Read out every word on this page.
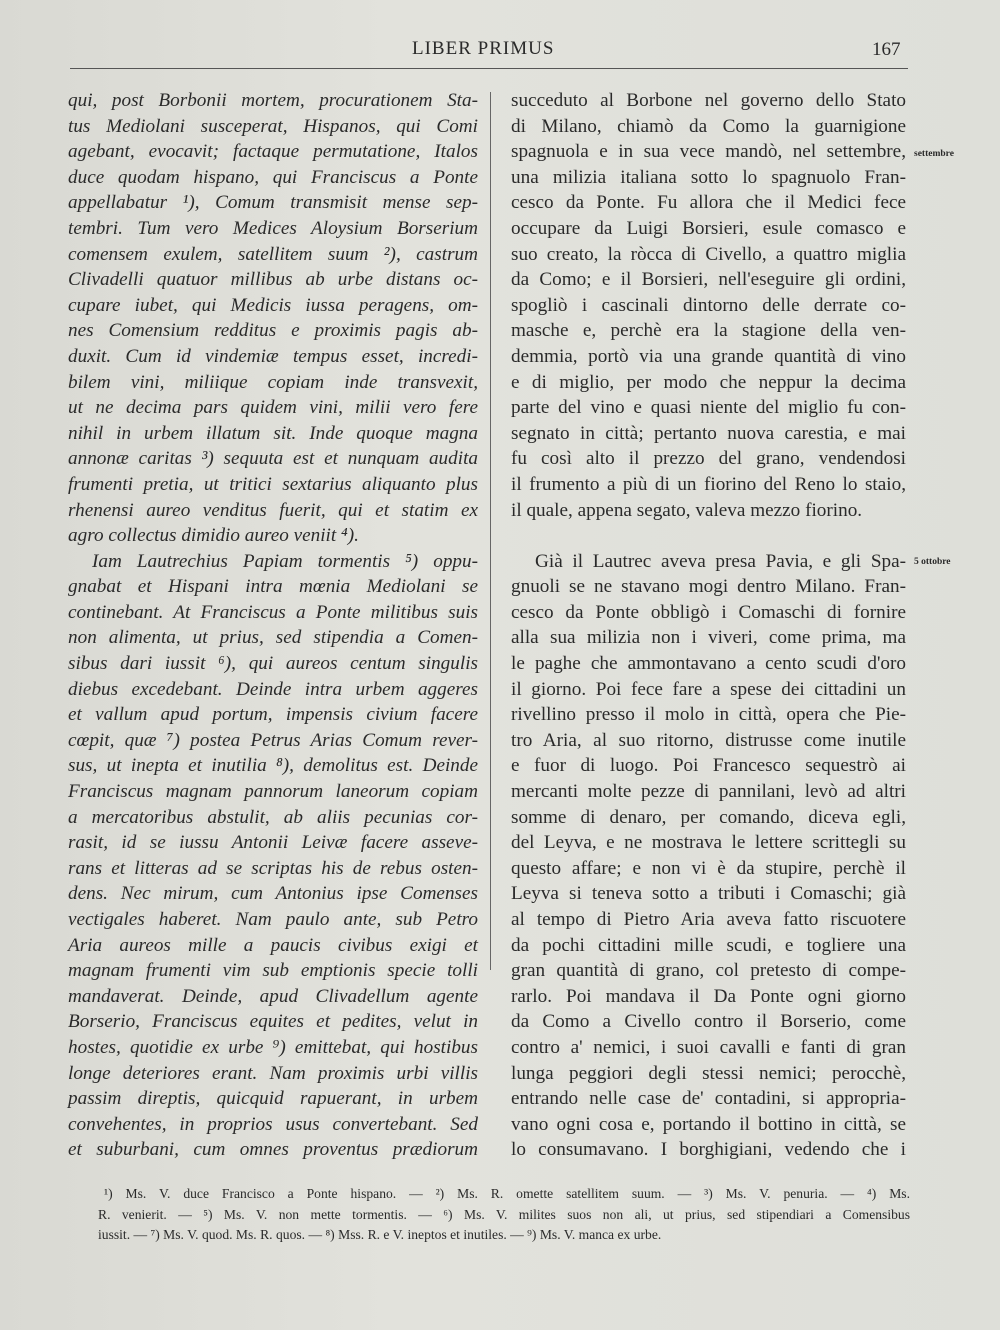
LIBER PRIMUS	167
qui, post Borbonii mortem, procurationem Sta-
tus Mediolani susceperat, Hispanos, qui Comi
agebant, evocavit; factaque permutatione, Italos
duce quodam hispano, qui Franciscus a Ponte
appellabatur ¹), Comum transmisit mense sep-
tembri. Tum vero Medices Aloysium Borserium
comensem exulem, satellitem suum ²), castrum
Clivadelli quatuor millibus ab urbe distans oc-
cupare iubet, qui Medicis iussa peragens, om-
nes Comensium redditus e proximis pagis ab-
duxit. Cum id vindemiæ tempus esset, incredi-
bilem vini, miliique copiam inde transvexit,
ut ne decima pars quidem vini, milii vero fere
nihil in urbem illatum sit. Inde quoque magna
annonæ caritas ³) sequuta est et nunquam audita
frumenti pretia, ut tritici sextarius aliquanto plus
rhenensi aureo venditus fuerit, qui et statim ex
agro collectus dimidio aureo veniit ⁴).
Iam Lautrechius Papiam tormentis ⁵) oppu-
gnabat et Hispani intra mœnia Mediolani se
continebant. At Franciscus a Ponte militibus suis
non alimenta, ut prius, sed stipendia a Comen-
sibus dari iussit ⁶), qui aureos centum singulis
diebus excedebant. Deinde intra urbem aggeres
et vallum apud portum, impensis civium facere
cœpit, quæ ⁷) postea Petrus Arias Comum rever-
sus, ut inepta et inutilia ⁸), demolitus est. Deinde
Franciscus magnam pannorum laneorum copiam
a mercatoribus abstulit, ab aliis pecunias cor-
rasit, id se iussu Antonii Leivæ facere asseve-
rans et litteras ad se scriptas his de rebus osten-
dens. Nec mirum, cum Antonius ipse Comenses
vectigales haberet. Nam paulo ante, sub Petro
Aria aureos mille a paucis civibus exigi et
magnam frumenti vim sub emptionis specie tolli
mandaverat. Deinde, apud Clivadellum agente
Borserio, Franciscus equites et pedites, velut in
hostes, quotidie ex urbe ⁹) emittebat, qui hostibus
longe deteriores erant. Nam proximis urbi villis
passim direptis, quicquid rapuerant, in urbem
convehentes, in proprios usus convertebant. Sed
et suburbani, cum omnes proventus prædiorum
succeduto al Borbone nel governo dello Stato
di Milano, chiamò da Como la guarnigione
spagnuola e in sua vece mandò, nel settembre,
una milizia italiana sotto lo spagnuolo Fran-
cesco da Ponte. Fu allora che il Medici fece
occupare da Luigi Borsieri, esule comasco e
suo creato, la ròcca di Civello, a quattro miglia
da Como; e il Borsieri, nell'eseguire gli ordini,
spogliò i cascinali dintorno delle derrate co-
masche e, perchè era la stagione della ven-
demmia, portò via una grande quantità di vino
e di miglio, per modo che neppur la decima
parte del vino e quasi niente del miglio fu con-
segnato in città; pertanto nuova carestia, e mai
fu così alto il prezzo del grano, vendendosi
il frumento a più di un fiorino del Reno lo staio,
il quale, appena segato, valeva mezzo fiorino.
Già il Lautrec aveva presa Pavia, e gli Spa-
gnuoli se ne stavano mogi dentro Milano. Fran-
cesco da Ponte obbligò i Comaschi di fornire
alla sua milizia non i viveri, come prima, ma
le paghe che ammontavano a cento scudi d'oro
il giorno. Poi fece fare a spese dei cittadini un
rivellino presso il molo in città, opera che Pie-
tro Aria, al suo ritorno, distrusse come inutile
e fuor di luogo. Poi Francesco sequestrò ai
mercanti molte pezze di pannilani, levò ad altri
somme di denaro, per comando, diceva egli,
del Leyva, e ne mostrava le lettere scrittegli su
questo affare; e non vi è da stupire, perchè il
Leyva si teneva sotto a tributi i Comaschi; già
al tempo di Pietro Aria aveva fatto riscuotere
da pochi cittadini mille scudi, e togliere una
gran quantità di grano, col pretesto di compe-
rarlo. Poi mandava il Da Ponte ogni giorno
da Como a Civello contro il Borserio, come
contro a' nemici, i suoi cavalli e fanti di gran
lunga peggiori degli stessi nemici; perocchè,
entrando nelle case de' contadini, si appropria-
vano ogni cosa e, portando il bottino in città, se
lo consumavano. I borghigiani, vedendo che i
settembre
5 ottobre
¹) Ms. V. duce Francisco a Ponte hispano. — ²) Ms. R. omette satellitem suum. — ³) Ms. V. penuria. — ⁴) Ms.
R. venierit. — ⁵) Ms. V. non mette tormentis. — ⁶) Ms. V. milites suos non ali, ut prius, sed stipendiari a Comensibus
iussit. — ⁷) Ms. V. quod. Ms. R. quos. — ⁸) Mss. R. e V. ineptos et inutiles. — ⁹) Ms. V. manca ex urbe.
